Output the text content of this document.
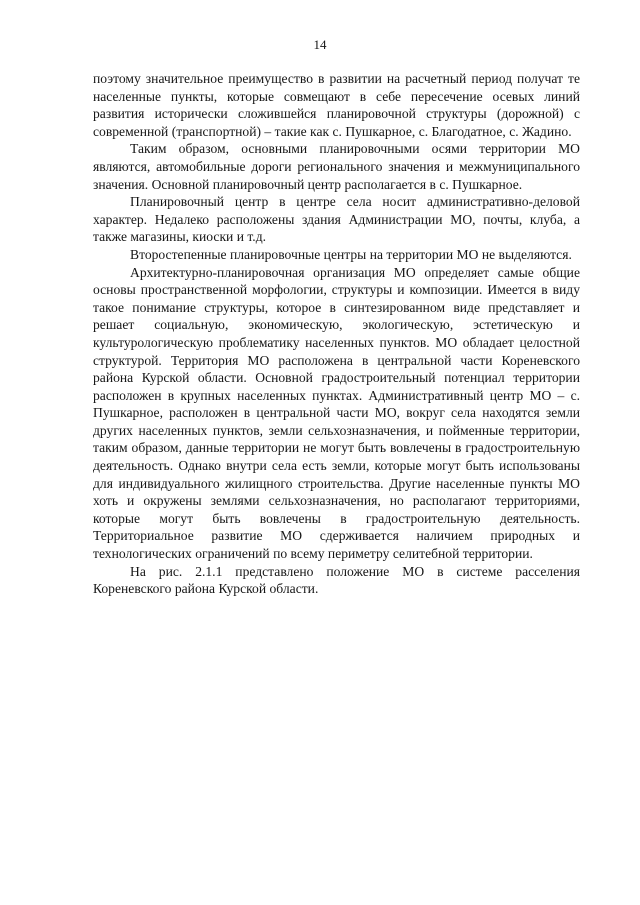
14

поэтому значительное преимущество в развитии на расчетный период получат те населенные пункты, которые совмещают в себе пересечение осевых линий развития исторически сложившейся планировочной структуры (дорожной) с современной (транспортной) – такие как с. Пушкарное, с. Благодатное, с. Жадино.

Таким образом, основными планировочными осями территории МО являются, автомобильные дороги регионального значения и межмуниципального значения. Основной планировочный центр располагается в с. Пушкарное.

Планировочный центр в центре села носит административно-деловой характер. Недалеко расположены здания Администрации МО, почты, клуба, а также магазины, киоски и т.д.

Второстепенные планировочные центры на территории МО не выделяются.

Архитектурно-планировочная организация МО определяет самые общие основы пространственной морфологии, структуры и композиции. Имеется в виду такое понимание структуры, которое в синтезированном виде представляет и решает социальную, экономическую, экологическую, эстетическую и культурологическую проблематику населенных пунктов. МО обладает целостной структурой. Территория МО расположена в центральной части Кореневского района Курской области. Основной градостроительный потенциал территории расположен в крупных населенных пунктах. Административный центр МО – с. Пушкарное, расположен в центральной части МО, вокруг села находятся земли других населенных пунктов, земли сельхозназначения, и пойменные территории, таким образом, данные территории не могут быть вовлечены в градостроительную деятельность. Однако внутри села есть земли, которые могут быть использованы для индивидуального жилищного строительства. Другие населенные пункты МО хоть и окружены землями сельхозназначения, но располагают территориями, которые могут быть вовлечены в градостроительную деятельность. Территориальное развитие МО сдерживается наличием природных и технологических ограничений по всему периметру селитебной территории.

На рис. 2.1.1 представлено положение МО в системе расселения Кореневского района Курской области.
